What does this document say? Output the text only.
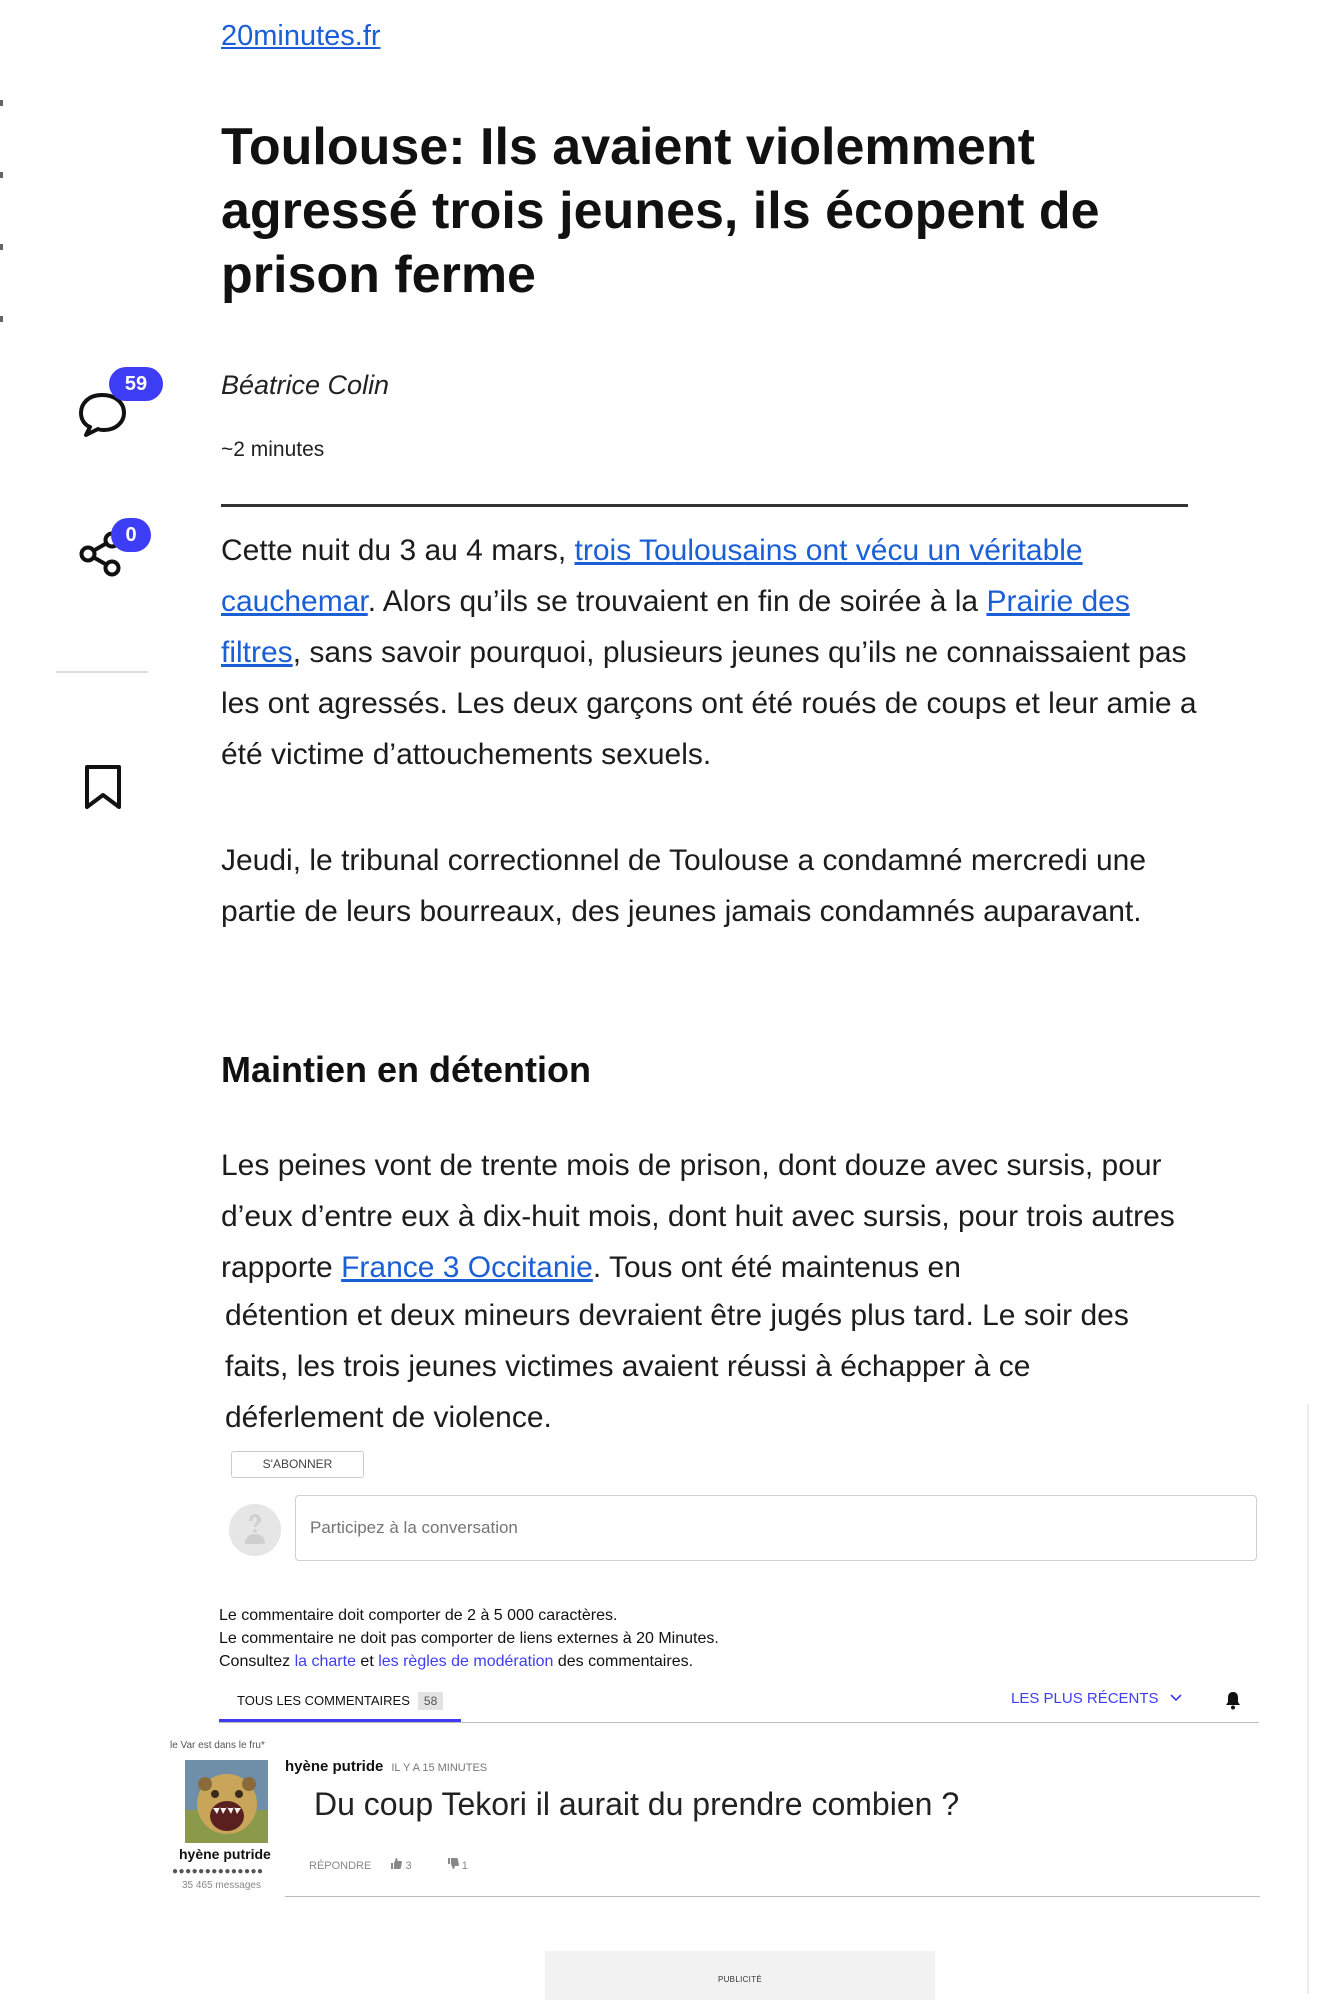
20minutes.fr
Toulouse: Ils avaient violemment agressé trois jeunes, ils écopent de prison ferme
Béatrice Colin
~2 minutes
59
0	Cette nuit du 3 au 4 mars, trois Toulousains ont vécu un véritable cauchemar. Alors qu’ils se trouvaient en fin de soirée à la Prairie des filtres, sans savoir pourquoi, plusieurs jeunes qu’ils ne connaissaient pas les ont agressés. Les deux garçons ont été roués de coups et leur amie a été victime d’attouchements sexuels.

Jeudi, le tribunal correctionnel de Toulouse a condamné mercredi une partie de leurs bourreaux, des jeunes jamais condamnés auparavant.

Maintien en détention

Les peines vont de trente mois de prison, dont douze avec sursis, pour d’eux d’entre eux à dix-huit mois, dont huit avec sursis, pour trois autres rapporte France 3 Occitanie. Tous ont été maintenus en

détention et deux mineurs devraient être jugés plus tard. Le soir des faits, les trois jeunes victimes avaient réussi à échapper à ce déferlement de violence.

S'ABONNER
Participez à la conversation
Le commentaire doit comporter de 2 à 5 000 caractères.
Le commentaire ne doit pas comporter de liens externes à 20 Minutes.
Consultez la charte et les règles de modération des commentaires.
TOUS LES COMMENTAIRES 58	LES PLUS RÉCENTS
le Var est dans le fru*
hyène putride
●●●●●●●●●●●●●●
35 465 messages
hyène putride IL Y A 15 MINUTES
Du coup Tekori il aurait du prendre combien ?
RÉPONDRE	3	1
PUBLICITÉ
